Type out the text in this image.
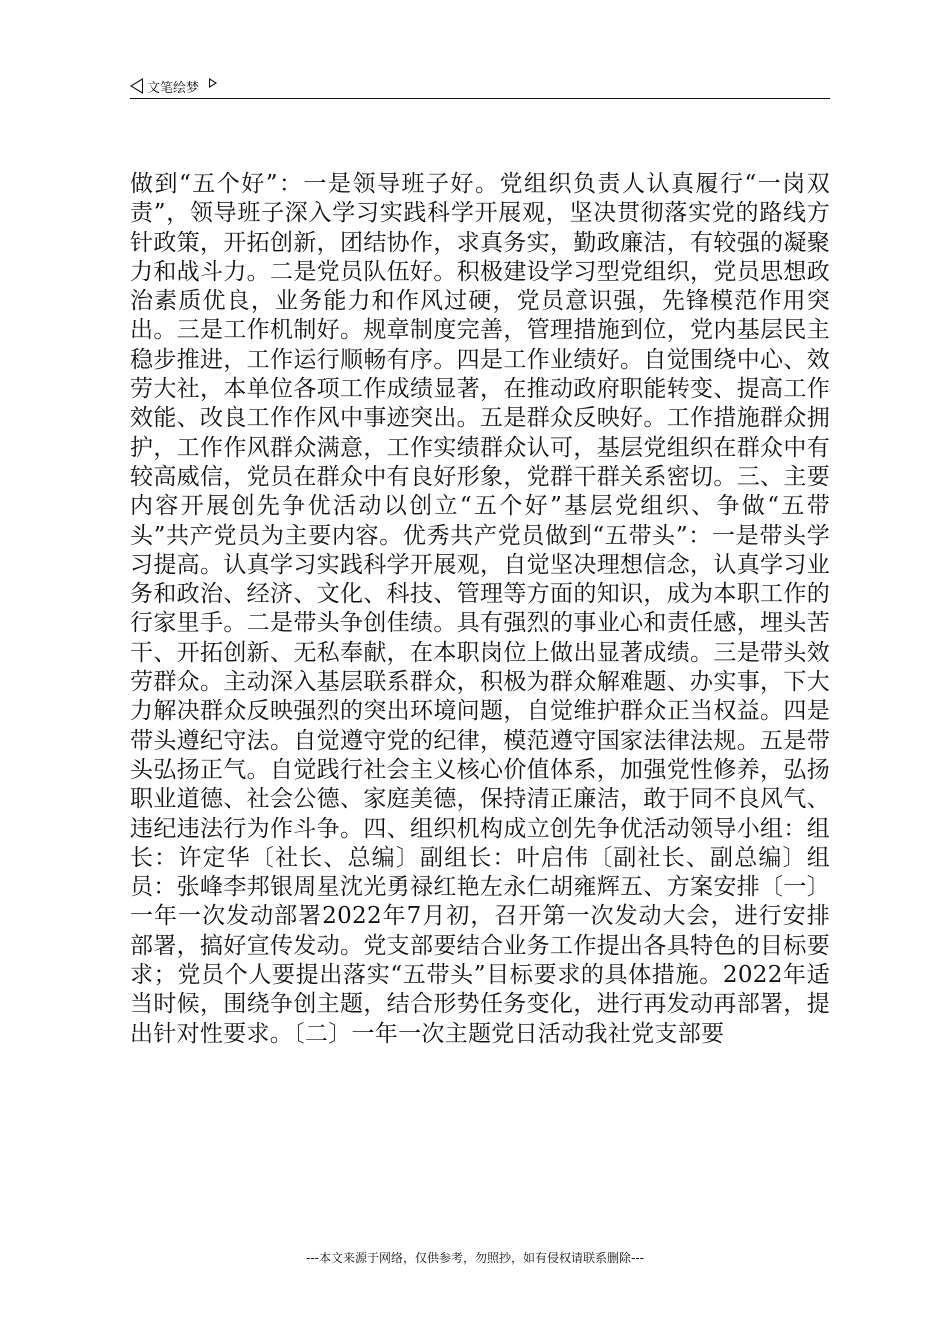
文笔绘梦

做到“五个好”：一是领导班子好。党组织负责人认真履行“一岗双责”，领导班子深入学习实践科学开展观，坚决贯彻落实党的路线方针政策，开拓创新，团结协作，求真务实，勤政廉洁，有较强的凝聚力和战斗力。二是党员队伍好。积极建设学习型党组织，党员思想政治素质优良，业务能力和作风过硬，党员意识强，先锋模范作用突出。三是工作机制好。规章制度完善，管理措施到位，党内基层民主稳步推进，工作运行顺畅有序。四是工作业绩好。自觉围绕中心、效劳大社，本单位各项工作成绩显著，在推动政府职能转变、提高工作效能、改良工作作风中事迹突出。五是群众反映好。工作措施群众拥护，工作作风群众满意，工作实绩群众认可，基层党组织在群众中有较高威信，党员在群众中有良好形象，党群干群关系密切。三、主要内容开展创先争优活动以创立“五个好”基层党组织、争做“五带头”共产党员为主要内容。优秀共产党员做到“五带头”：一是带头学习提高。认真学习实践科学开展观，自觉坚决理想信念，认真学习业务和政治、经济、文化、科技、管理等方面的知识，成为本职工作的行家里手。二是带头争创佳绩。具有强烈的事业心和责任感，埋头苦干、开拓创新、无私奉献，在本职岗位上做出显著成绩。三是带头效劳群众。主动深入基层联系群众，积极为群众解难题、办实事，下大力解决群众反映强烈的突出环境问题，自觉维护群众正当权益。四是带头遵纪守法。自觉遵守党的纪律，模范遵守国家法律法规。五是带头弘扬正气。自觉践行社会主义核心价值体系，加强党性修养，弘扬职业道德、社会公德、家庭美德，保持清正廉洁，敢于同不良风气、违纪违法行为作斗争。四、组织机构成立创先争优活动领导小组：组长：许定华〔社长、总编〕副组长：叶启伟〔副社长、副总编〕组员：张峰李邦银周星沈光勇禄红艳左永仁胡雍辉五、方案安排〔一〕一年一次发动部署2022年7月初，召开第一次发动大会，进行安排部署，搞好宣传发动。党支部要结合业务工作提出各具特色的目标要求；党员个人要提出落实“五带头”目标要求的具体措施。2022年适当时候，围绕争创主题，结合形势任务变化，进行再发动再部署，提出针对性要求。〔二〕一年一次主题党日活动我社党支部要

---本文来源于网络，仅供参考，勿照抄，如有侵权请联系删除---
